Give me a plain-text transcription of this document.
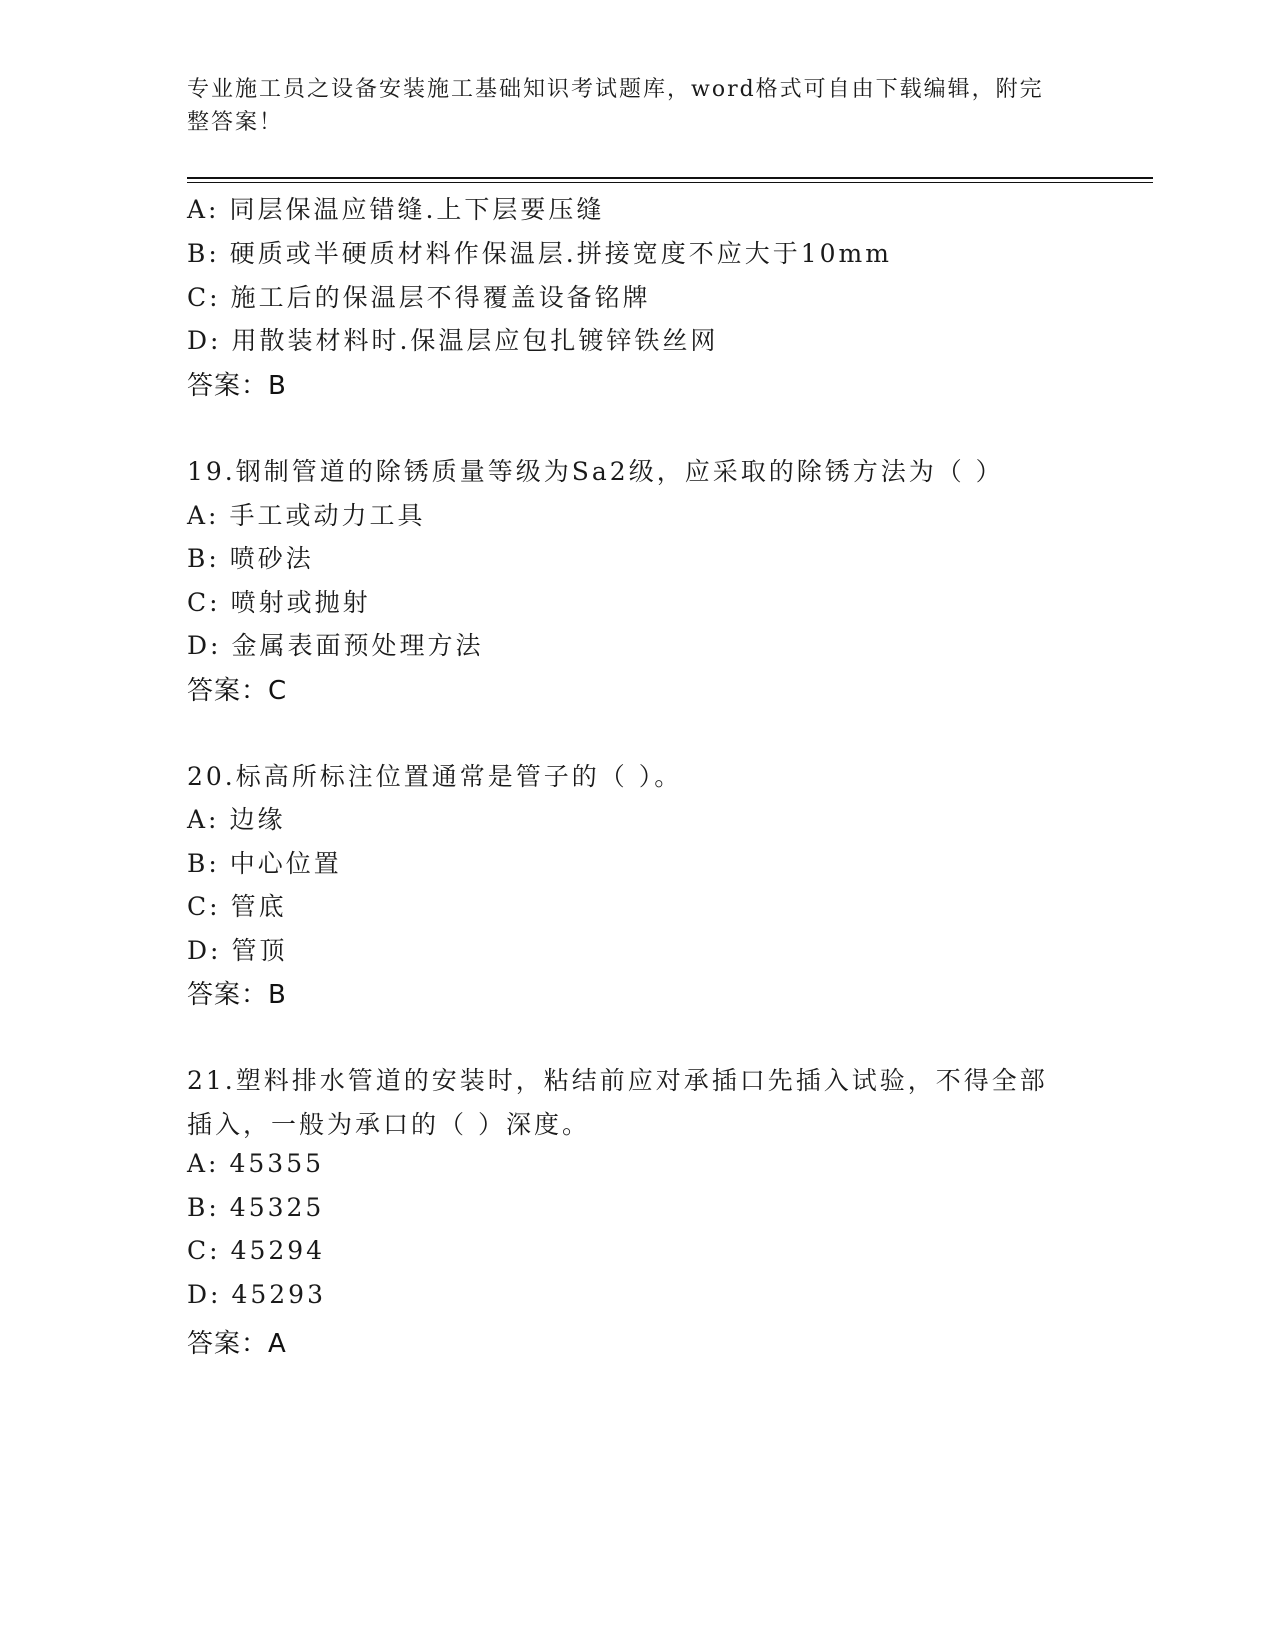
专业施工员之设备安装施工基础知识考试题库，word格式可自由下载编辑，附完
整答案！
A: 同层保温应错缝.上下层要压缝
B: 硬质或半硬质材料作保温层.拼接宽度不应大于10mm
C: 施工后的保温层不得覆盖设备铭牌
D: 用散装材料时.保温层应包扎镀锌铁丝网
答案：B
19.钢制管道的除锈质量等级为Sa2级，应采取的除锈方法为（ ）
A: 手工或动力工具
B: 喷砂法
C: 喷射或抛射
D: 金属表面预处理方法
答案：C
20.标高所标注位置通常是管子的（ ）。
A: 边缘
B: 中心位置
C: 管底
D: 管顶
答案：B
21.塑料排水管道的安装时，粘结前应对承插口先插入试验，不得全部
插入，一般为承口的（ ）深度。
A: 45355
B: 45325
C: 45294
D: 45293
答案：A
